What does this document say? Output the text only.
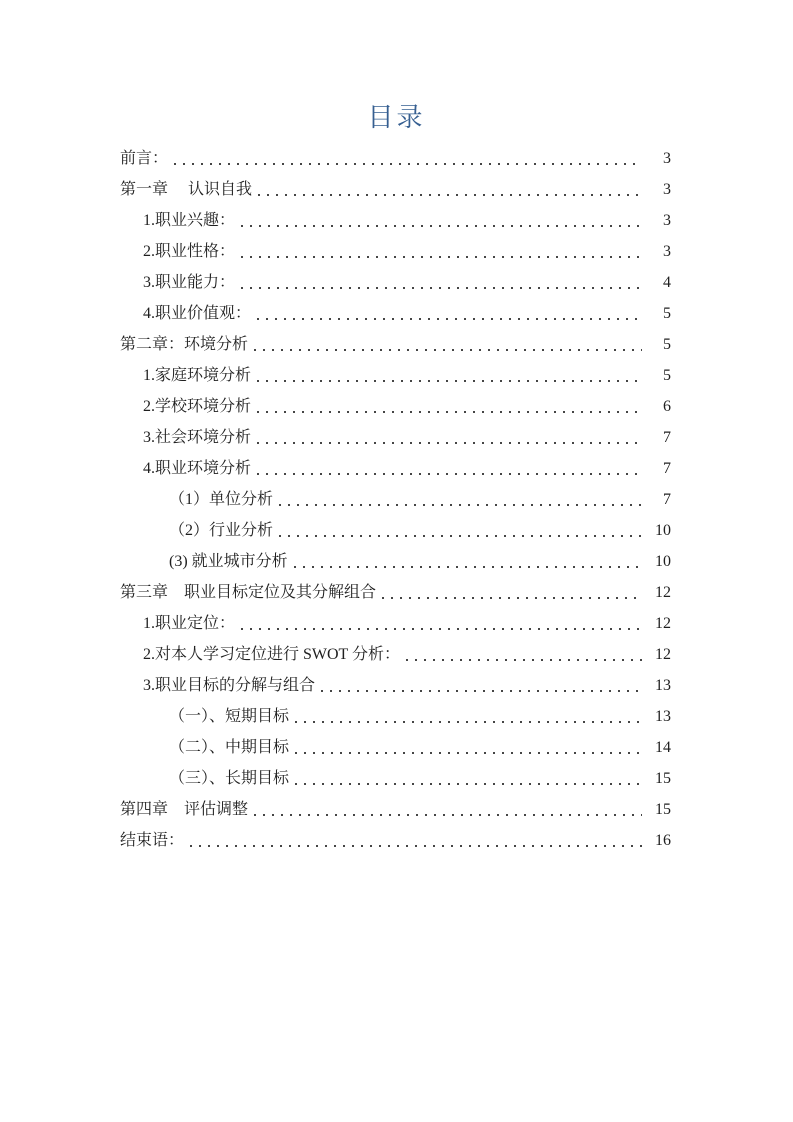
目录
前言：	3
第一章　 认识自我	3
1.职业兴趣：	3
2.职业性格：	3
3.职业能力：	4
4.职业价值观：	5
第二章：环境分析	5
1.家庭环境分析	5
2.学校环境分析	6
3.社会环境分析	7
4.职业环境分析	7
（1）单位分析	7
（2）行业分析	10
(3) 就业城市分析	10
第三章　职业目标定位及其分解组合	12
1.职业定位：	12
2.对本人学习定位进行 SWOT 分析：	12
3.职业目标的分解与组合	13
（一）、短期目标	13
（二）、中期目标	14
（三）、长期目标	15
第四章　评估调整	15
结束语：	16
